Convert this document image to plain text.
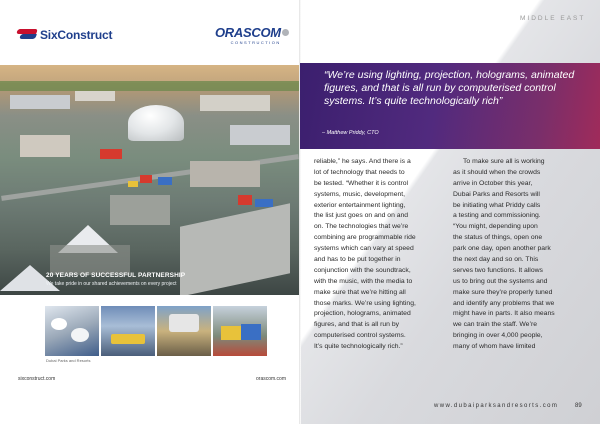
SixConstruct	ORASCOM
CONSTRUCTION
20 YEARS OF SUCCESSFUL PARTNERSHIP
We take pride in our shared achievements on every project
Dubai Parks and Resorts
sixconstruct.com	orascom.com
MIDDLE EAST
“We’re using lighting, projection, holograms, animated figures, and that is all run by computerised control systems. It’s quite technologically rich”
– Matthew Priddy, CTO
reliable,” he says. And there is a
lot of technology that needs to
be tested. “Whether it is control
systems, music, development,
exterior entertainment lighting,
the list just goes on and on and
on. The technologies that we’re
combining are programmable ride
systems which can vary at speed
and has to be put together in
conjunction with the soundtrack,
with the music, with the media to
make sure that we’re hitting all
those marks. We’re using lighting,
projection, holograms, animated
figures, and that is all run by
computerised control systems.
It’s quite technologically rich.”
To make sure all is working
as it should when the crowds
arrive in October this year,
Dubai Parks and Resorts will
be initiating what Priddy calls
a testing and commissioning.
“You might, depending upon
the status of things, open one
park one day, open another park
the next day and so on. This
serves two functions. It allows
us to bring out the systems and
make sure they’re properly tuned
and identify any problems that we
might have in parts. It also means
we can train the staff. We’re
bringing in over 4,000 people,
many of whom have limited
www.dubaiparksandresorts.com	89
